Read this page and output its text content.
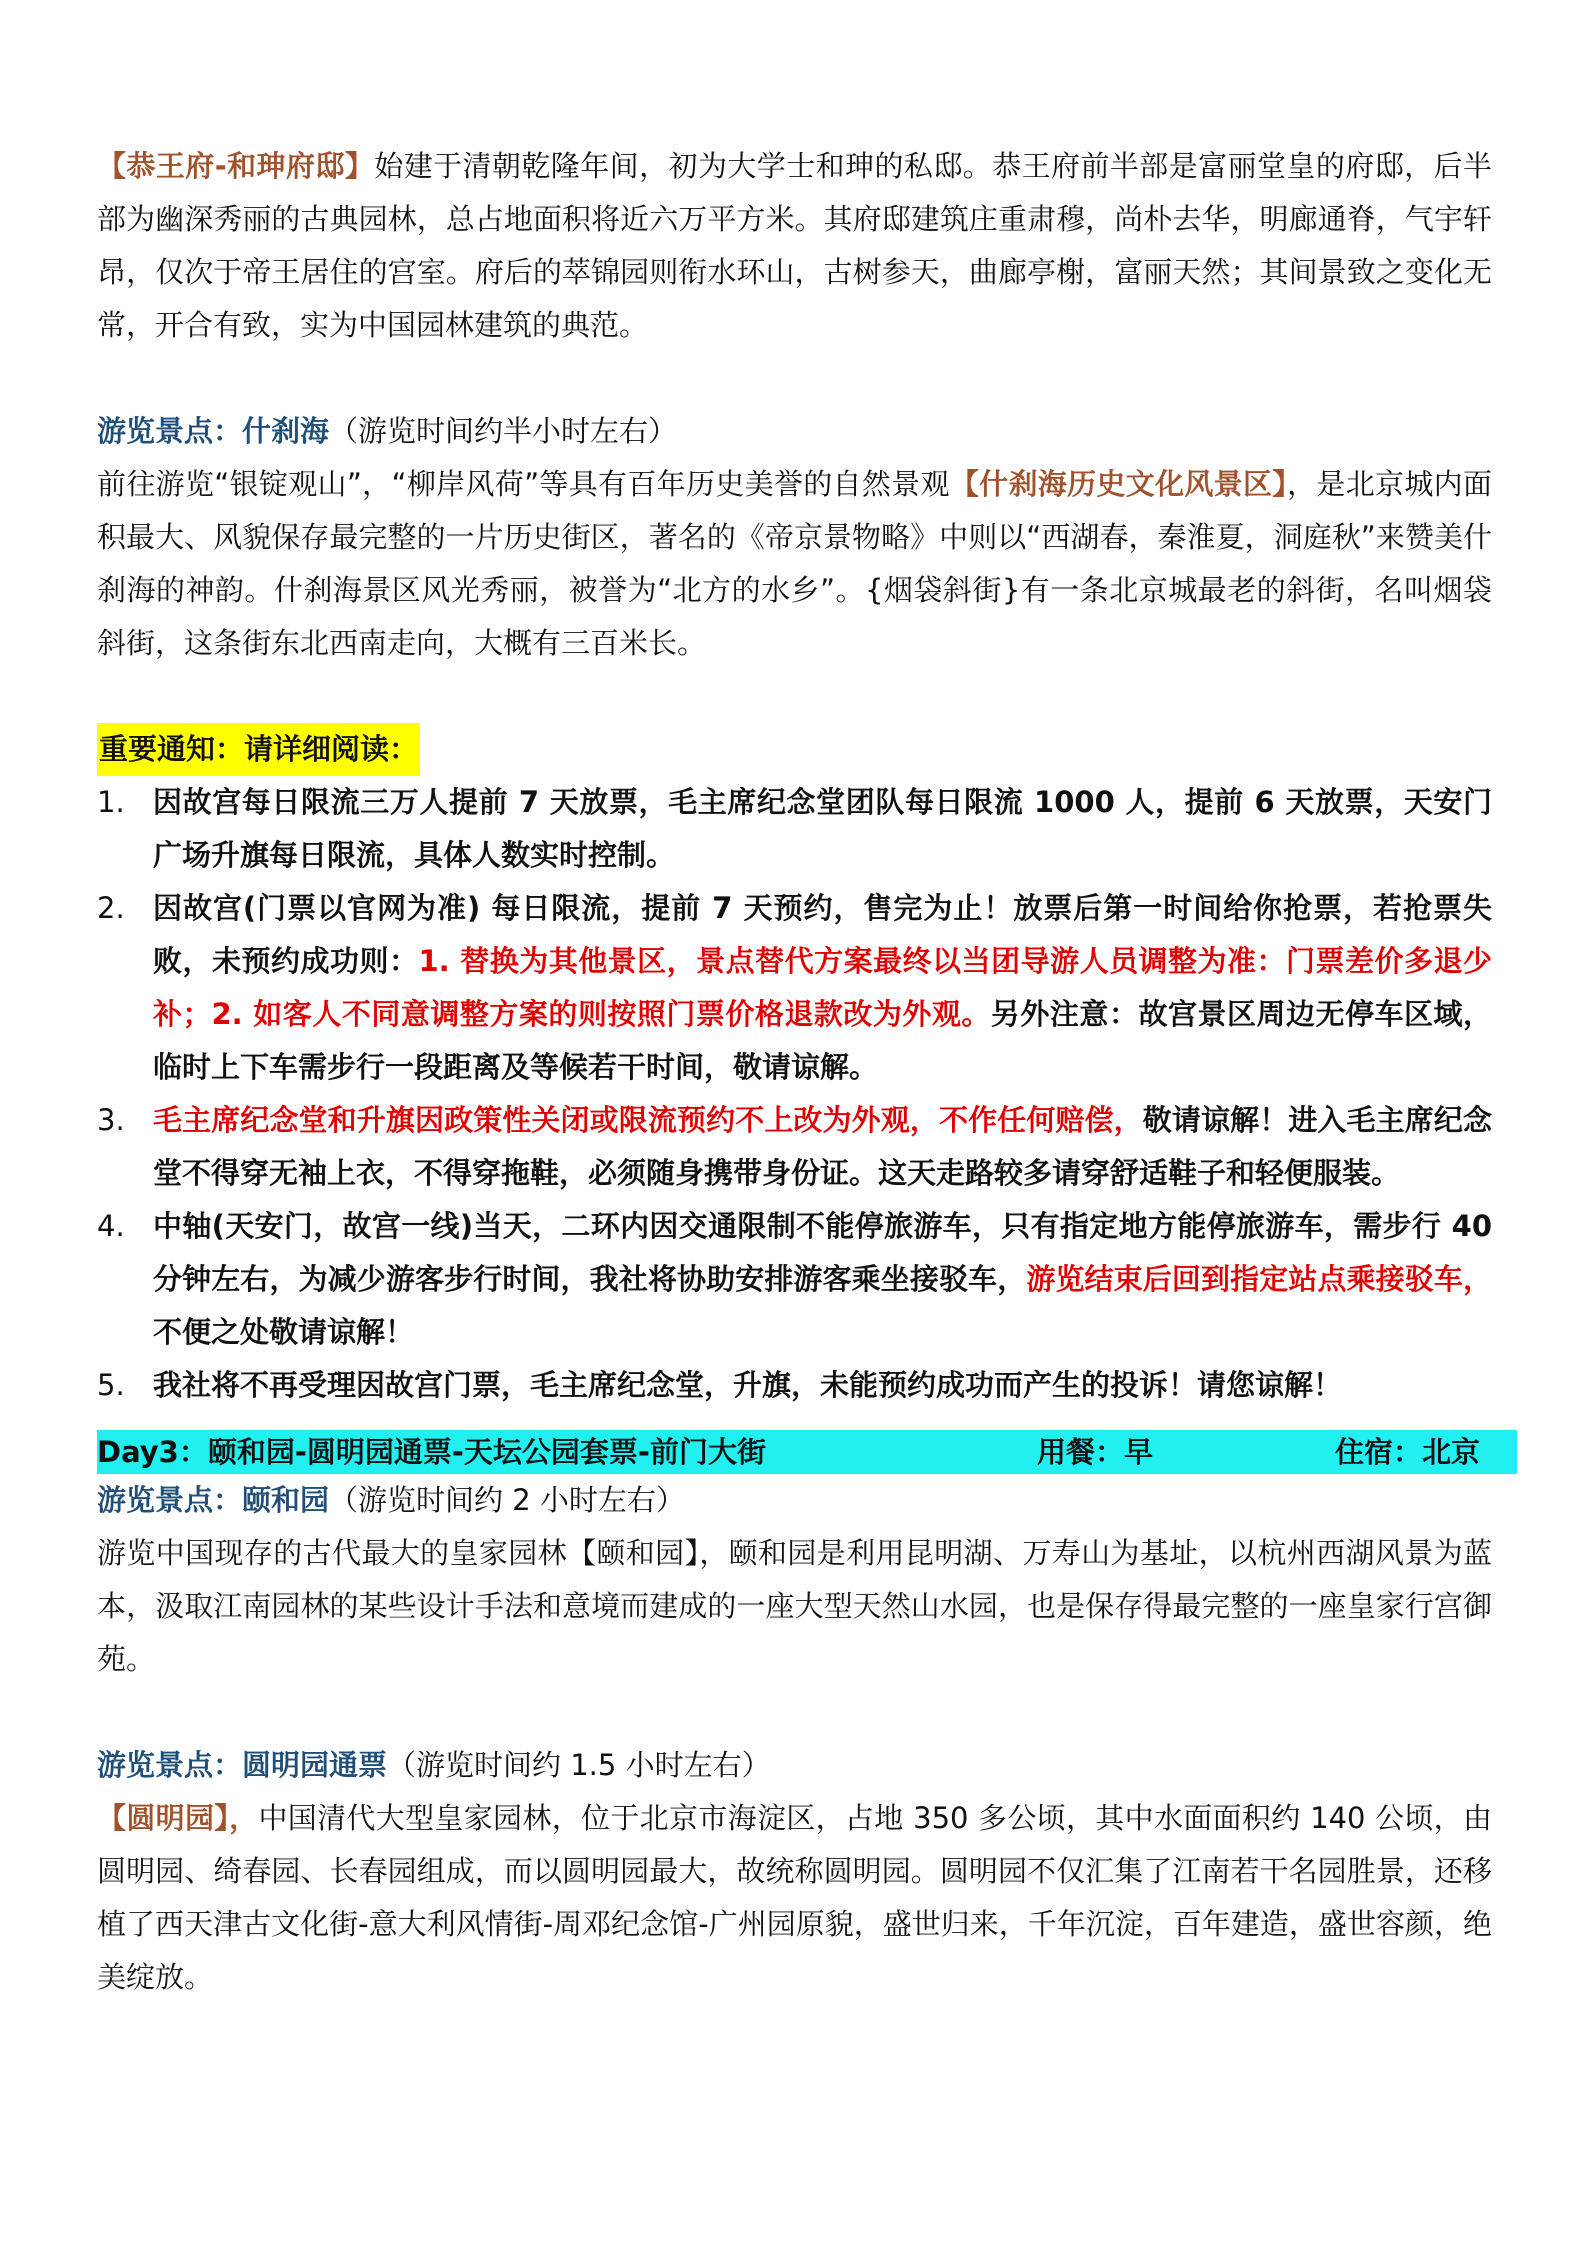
【恭王府-和珅府邸】始建于清朝乾隆年间，初为大学士和珅的私邸。恭王府前半部是富丽堂皇的府邸，后半部为幽深秀丽的古典园林，总占地面积将近六万平方米。其府邸建筑庄重肃穆，尚朴去华，明廊通脊，气宇轩昂，仅次于帝王居住的宫室。府后的萃锦园则衔水环山，古树参天，曲廊亭榭，富丽天然；其间景致之变化无常，开合有致，实为中国园林建筑的典范。

游览景点：什刹海（游览时间约半小时左右）

前往游览“银锭观山”，“柳岸风荷”等具有百年历史美誉的自然景观【什刹海历史文化风景区】，是北京城内面积最大、风貌保存最完整的一片历史街区，著名的《帝京景物略》中则以“西湖春，秦淮夏，洞庭秋”来赞美什刹海的神韵。什刹海景区风光秀丽，被誉为“北方的水乡”。{烟袋斜街}有一条北京城最老的斜街，名叫烟袋斜街，这条街东北西南走向，大概有三百米长。

重要通知：请详细阅读：
1. 因故宫每日限流三万人提前 7 天放票，毛主席纪念堂团队每日限流 1000 人，提前 6 天放票，天安门广场升旗每日限流，具体人数实时控制。
2. 因故宫(门票以官网为准) 每日限流，提前 7 天预约，售完为止！放票后第一时间给你抢票，若抢票失败，未预约成功则：1. 替换为其他景区，景点替代方案最终以当团导游人员调整为准：门票差价多退少补；2. 如客人不同意调整方案的则按照门票价格退款改为外观。另外注意：故宫景区周边无停车区域，临时上下车需步行一段距离及等候若干时间，敬请谅解。
3. 毛主席纪念堂和升旗因政策性关闭或限流预约不上改为外观，不作任何赔偿，敬请谅解！进入毛主席纪念堂不得穿无袖上衣，不得穿拖鞋，必须随身携带身份证。这天走路较多请穿舒适鞋子和轻便服装。
4. 中轴(天安门，故宫一线)当天，二环内因交通限制不能停旅游车，只有指定地方能停旅游车，需步行 40 分钟左右，为减少游客步行时间，我社将协助安排游客乘坐接驳车，游览结束后回到指定站点乘接驳车，不便之处敬请谅解！
5. 我社将不再受理因故宫门票，毛主席纪念堂，升旗，未能预约成功而产生的投诉！请您谅解！
Day3：颐和园-圆明园通票-天坛公园套票-前门大街	用餐：早	住宿：北京

游览景点：颐和园（游览时间约 2 小时左右）

游览中国现存的古代最大的皇家园林【颐和园】，颐和园是利用昆明湖、万寿山为基址，以杭州西湖风景为蓝本，汲取江南园林的某些设计手法和意境而建成的一座大型天然山水园，也是保存得最完整的一座皇家行宫御苑。

游览景点：圆明园通票（游览时间约 1.5 小时左右）

【圆明园】，中国清代大型皇家园林，位于北京市海淀区，占地 350 多公顷，其中水面面积约 140 公顷，由圆明园、绮春园、长春园组成，而以圆明园最大，故统称圆明园。圆明园不仅汇集了江南若干名园胜景，还移植了西天津古文化街-意大利风情街-周邓纪念馆-广州园原貌，盛世归来，千年沉淀，百年建造，盛世容颜，绝美绽放。
